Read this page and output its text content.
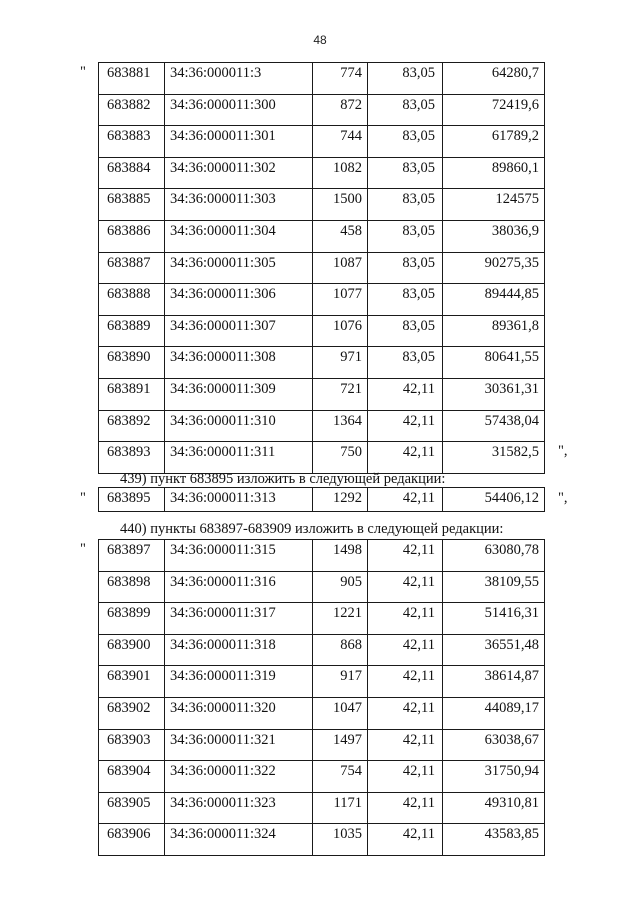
48
" 683881	34:36:000011:3	774	83,05	64280,7
683882	34:36:000011:300	872	83,05	72419,6
683883	34:36:000011:301	744	83,05	61789,2
683884	34:36:000011:302	1082	83,05	89860,1
683885	34:36:000011:303	1500	83,05	124575
683886	34:36:000011:304	458	83,05	38036,9
683887	34:36:000011:305	1087	83,05	90275,35
683888	34:36:000011:306	1077	83,05	89444,85
683889	34:36:000011:307	1076	83,05	89361,8
683890	34:36:000011:308	971	83,05	80641,55
683891	34:36:000011:309	721	42,11	30361,31
683892	34:36:000011:310	1364	42,11	57438,04
683893	34:36:000011:311	750	42,11	31582,5 ",
439) пункт 683895 изложить в следующей редакции:
" 683895	34:36:000011:313	1292	42,11	54406,12 ",
440) пункты 683897-683909 изложить в следующей редакции:
" 683897	34:36:000011:315	1498	42,11	63080,78
683898	34:36:000011:316	905	42,11	38109,55
683899	34:36:000011:317	1221	42,11	51416,31
683900	34:36:000011:318	868	42,11	36551,48
683901	34:36:000011:319	917	42,11	38614,87
683902	34:36:000011:320	1047	42,11	44089,17
683903	34:36:000011:321	1497	42,11	63038,67
683904	34:36:000011:322	754	42,11	31750,94
683905	34:36:000011:323	1171	42,11	49310,81
683906	34:36:000011:324	1035	42,11	43583,85
